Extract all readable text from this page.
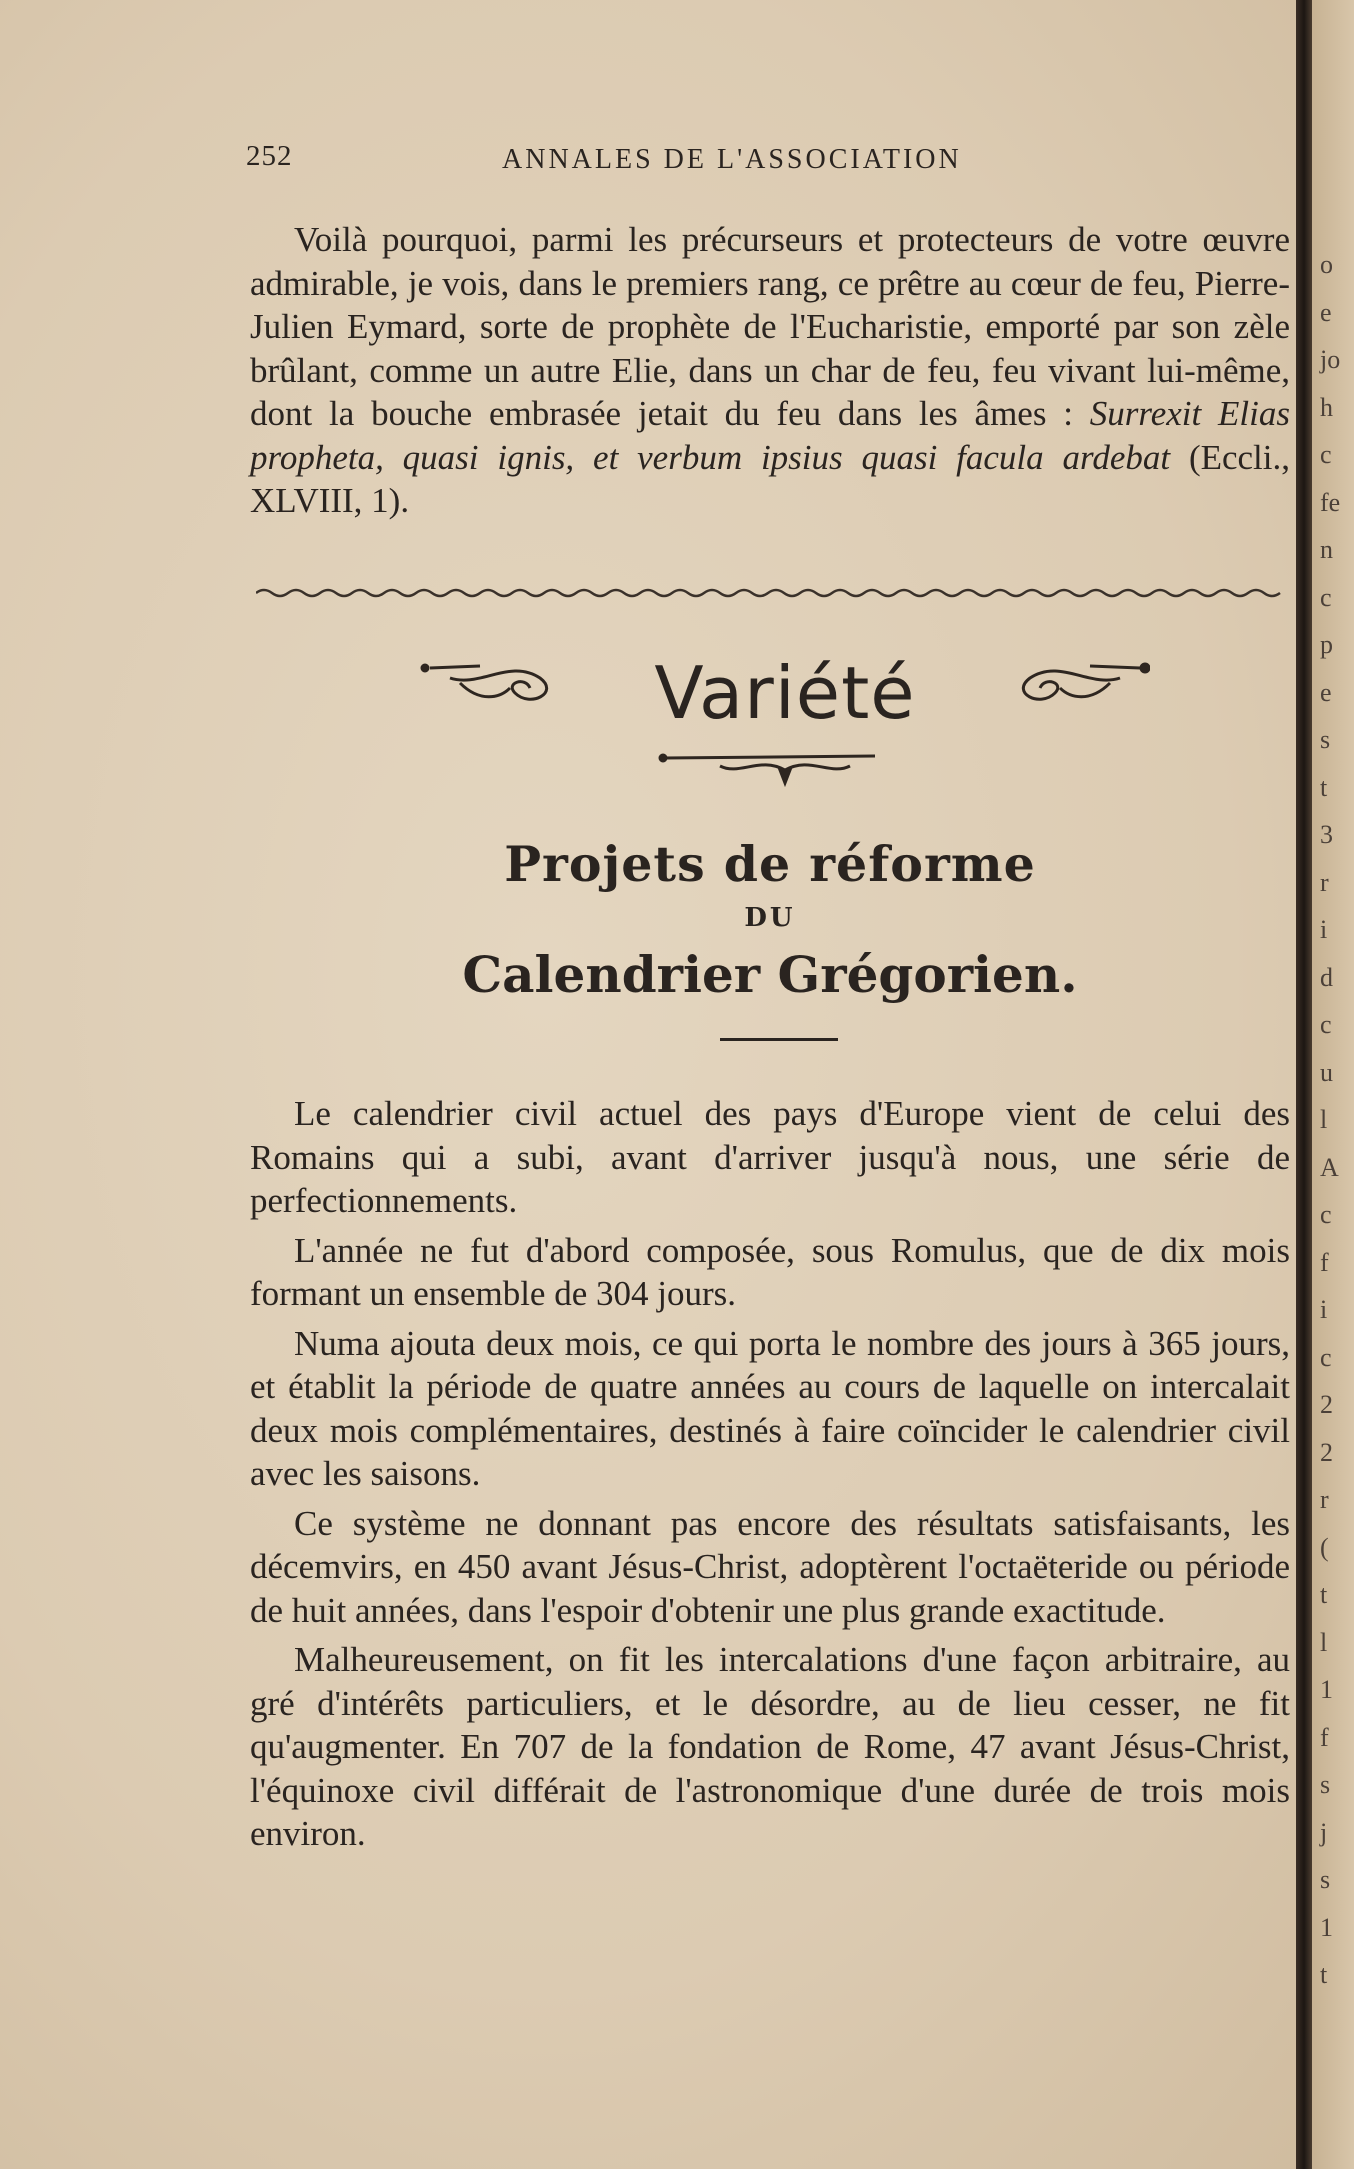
252	ANNALES DE L'ASSOCIATION

Voilà pourquoi, parmi les précurseurs et protecteurs de votre œuvre admirable, je vois, dans le premiers rang, ce prêtre au cœur de feu, Pierre-Julien Eymard, sorte de prophète de l'Eucharistie, emporté par son zèle brûlant, comme un autre Elie, dans un char de feu, feu vivant lui-même, dont la bouche embrasée jetait du feu dans les âmes : Surrexit Elias propheta, quasi ignis, et verbum ipsius quasi facula ardebat (Eccli., XLVIII, 1).

Variété
Projets de réforme
DU
Calendrier Grégorien.

Le calendrier civil actuel des pays d'Europe vient de celui des Romains qui a subi, avant d'arriver jusqu'à nous, une série de perfectionnements.

L'année ne fut d'abord composée, sous Romulus, que de dix mois formant un ensemble de 304 jours.

Numa ajouta deux mois, ce qui porta le nombre des jours à 365 jours, et établit la période de quatre années au cours de laquelle on intercalait deux mois complémentaires, destinés à faire coïncider le calendrier civil avec les saisons.

Ce système ne donnant pas encore des résultats satisfaisants, les décemvirs, en 450 avant Jésus-Christ, adoptèrent l'octaëteride ou période de huit années, dans l'espoir d'obtenir une plus grande exactitude.

Malheureusement, on fit les intercalations d'une façon arbitraire, au gré d'intérêts particuliers, et le désordre, au de lieu cesser, ne fit qu'augmenter. En 707 de la fondation de Rome, 47 avant Jésus-Christ, l'équinoxe civil différait de l'astronomique d'une durée de trois mois environ.

o
e
jo
h
c
fe
n
c
p
e
s
t
3
r
i
d
c
u
l
A
c
f
i
c
2
2
r
(
t
l
1
f
s
j
s
1
t
